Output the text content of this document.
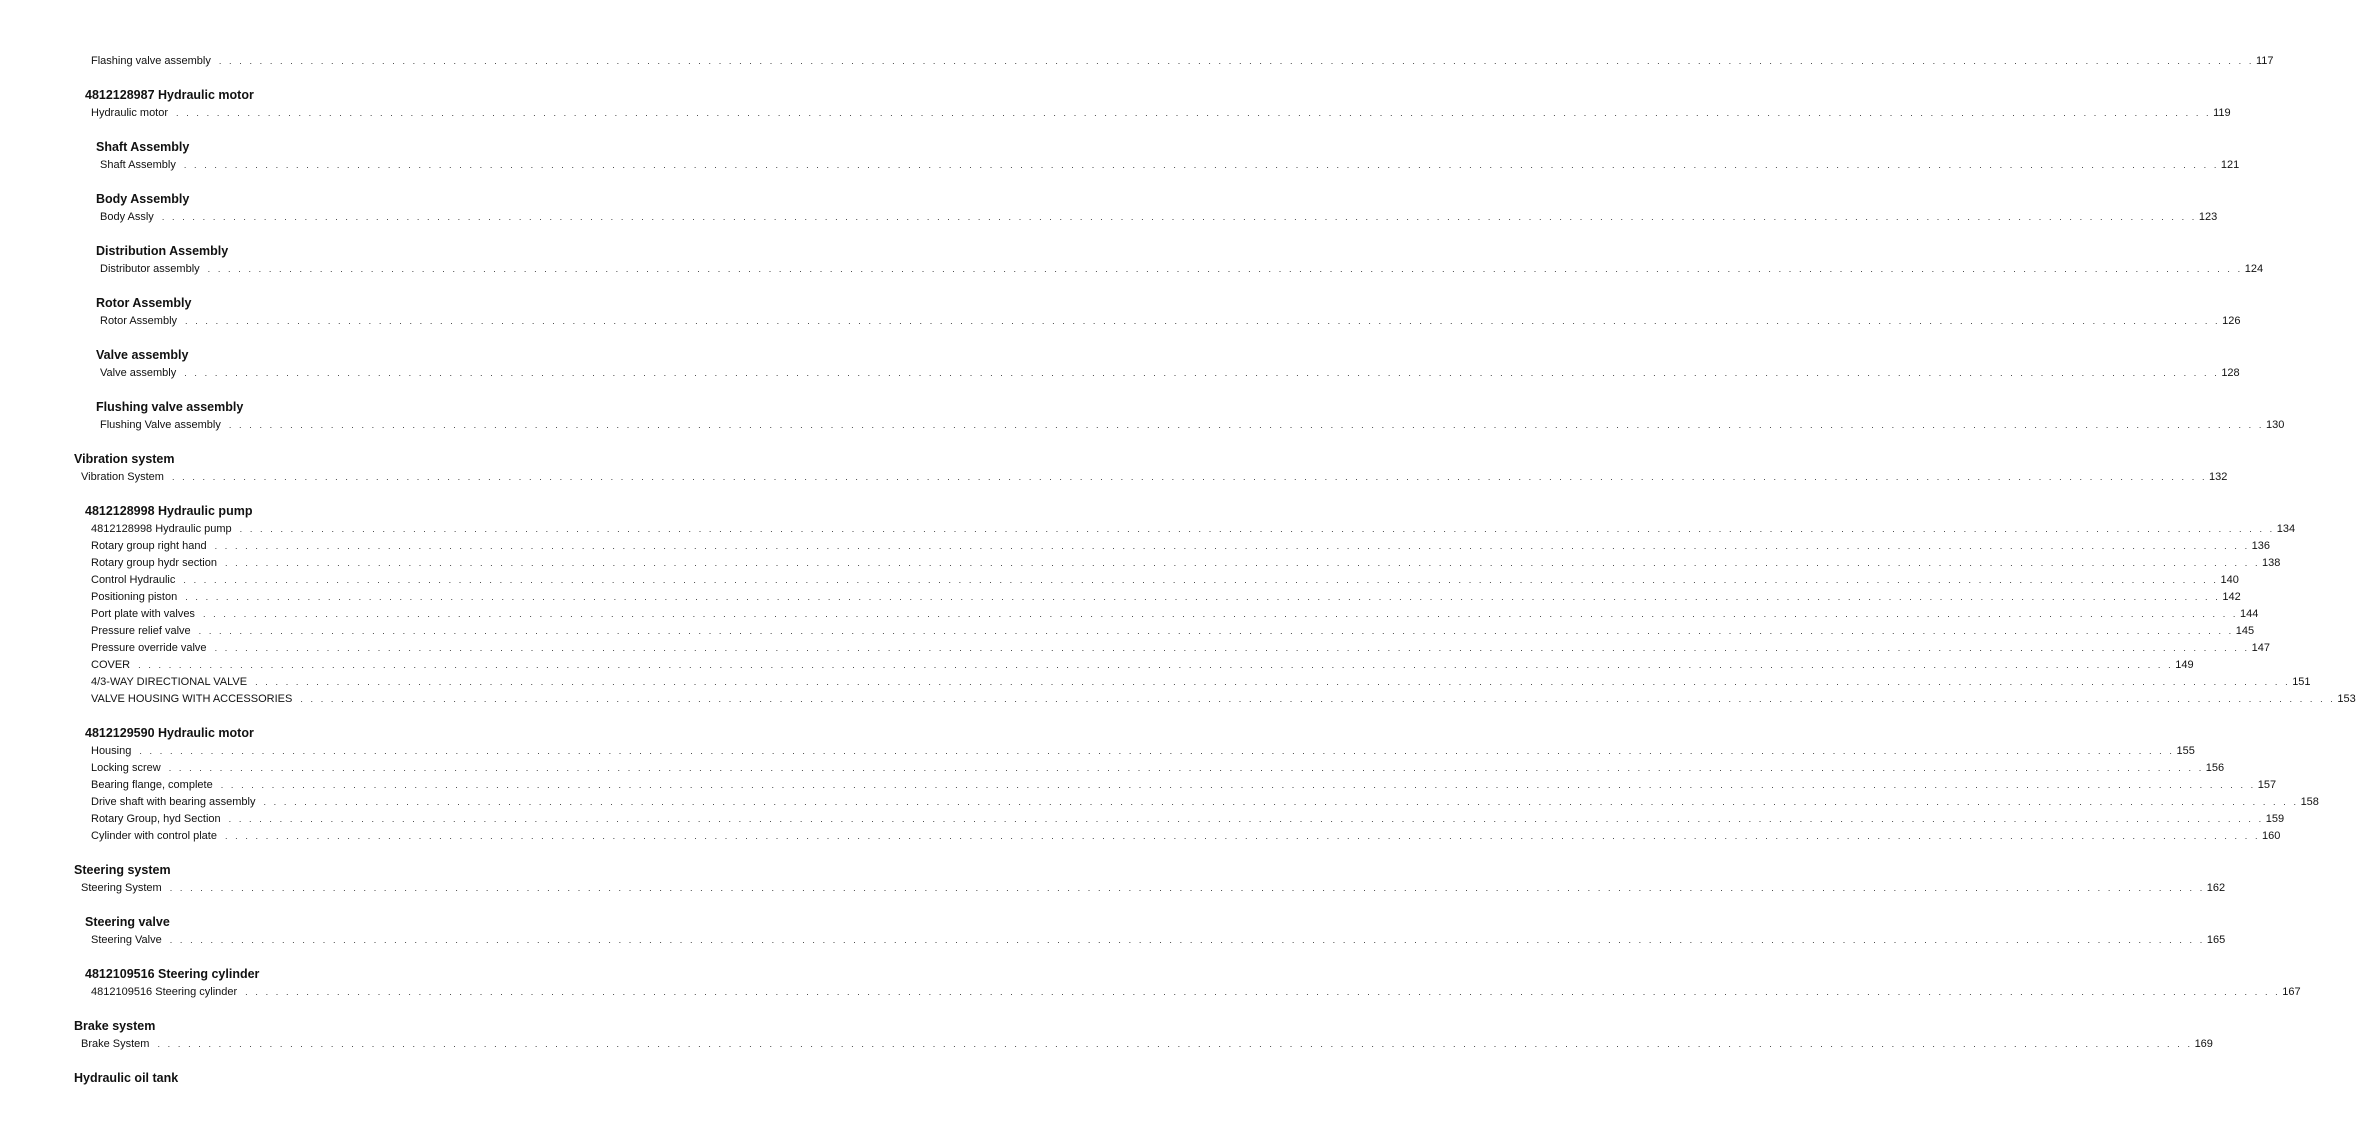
Flashing valve assembly . . . . . . . . . . . . . . . . . . . . . . . . . . . . . . . . . . . . . . . . . . . . . . . . . . . . . . . . . . . . . . . . . . . . . . . . . . . . . . . . . . . . . . . . . . . . . . . . . . . . . . . . . . . . . . . . . . . . . . . . . . . . . . . . . . . . . . . . . . . . . . . . . . . . . . . . . . . . . . . . . . . . . . . . . . . . . . . . . . . . . . . . . . . . . . . . . . . . . . . . 117
4812128987 Hydraulic motor
Hydraulic motor . . . . . . . . . . . . . . . . . . . . . . . . . . . . . . . . . . . . . . . . . . . . . . . . . . . . . . . . . . . . . . . . . . . . . . . . . . . . . . . . . . . . . . . . . . . . . . . . . . . . . . . . . . . . . . . . . . . . . . . . . . . . . . . . . . . . . . . . . . . . . . . . . . . . . . . . . . . . . . . . . . . . . . . . . . . . . . . . . . . . . . . . . . . . . . . . . . . . . . . . 119
Shaft Assembly
Shaft Assembly . . . . . . . . . . . . . . . . . . . . . . . . . . . . . . . . . . . . . . . . . . . . . . . . . . . . . . . . . . . . . . . . . . . . . . . . . . . . . . . . . . . . . . . . . . . . . . . . . . . . . . . . . . . . . . . . . . . . . . . . . . . . . . . . . . . . . . . . . . . . . . . . . . . . . . . . . . . . . . . . . . . . . . . . . . . . . . . . . . . . . . . . . . . . . . . . . . . . . . . . 121
Body Assembly
Body Assly . . . . . . . . . . . . . . . . . . . . . . . . . . . . . . . . . . . . . . . . . . . . . . . . . . . . . . . . . . . . . . . . . . . . . . . . . . . . . . . . . . . . . . . . . . . . . . . . . . . . . . . . . . . . . . . . . . . . . . . . . . . . . . . . . . . . . . . . . . . . . . . . . . . . . . . . . . . . . . . . . . . . . . . . . . . . . . . . . . . . . . . . . . . . . . . . . . . . . . . . 123
Distribution Assembly
Distributor assembly . . . . . . . . . . . . . . . . . . . . . . . . . . . . . . . . . . . . . . . . . . . . . . . . . . . . . . . . . . . . . . . . . . . . . . . . . . . . . . . . . . . . . . . . . . . . . . . . . . . . . . . . . . . . . . . . . . . . . . . . . . . . . . . . . . . . . . . . . . . . . . . . . . . . . . . . . . . . . . . . . . . . . . . . . . . . . . . . . . . . . . . . . . . . . . . . . . . . . . . . 124
Rotor Assembly
Rotor Assembly . . . . . . . . . . . . . . . . . . . . . . . . . . . . . . . . . . . . . . . . . . . . . . . . . . . . . . . . . . . . . . . . . . . . . . . . . . . . . . . . . . . . . . . . . . . . . . . . . . . . . . . . . . . . . . . . . . . . . . . . . . . . . . . . . . . . . . . . . . . . . . . . . . . . . . . . . . . . . . . . . . . . . . . . . . . . . . . . . . . . . . . . . . . . . . . . . . . . . . . . 126
Valve assembly
Valve assembly . . . . . . . . . . . . . . . . . . . . . . . . . . . . . . . . . . . . . . . . . . . . . . . . . . . . . . . . . . . . . . . . . . . . . . . . . . . . . . . . . . . . . . . . . . . . . . . . . . . . . . . . . . . . . . . . . . . . . . . . . . . . . . . . . . . . . . . . . . . . . . . . . . . . . . . . . . . . . . . . . . . . . . . . . . . . . . . . . . . . . . . . . . . . . . . . . . . . . . . . 128
Flushing valve assembly
Flushing Valve assembly . . . . . . . . . . . . . . . . . . . . . . . . . . . . . . . . . . . . . . . . . . . . . . . . . . . . . . . . . . . . . . . . . . . . . . . . . . . . . . . . . . . . . . . . . . . . . . . . . . . . . . . . . . . . . . . . . . . . . . . . . . . . . . . . . . . . . . . . . . . . . . . . . . . . . . . . . . . . . . . . . . . . . . . . . . . . . . . . . . . . . . . . . . . . . . . . . . . . . . . . 130
Vibration system
Vibration System . . . . . . . . . . . . . . . . . . . . . . . . . . . . . . . . . . . . . . . . . . . . . . . . . . . . . . . . . . . . . . . . . . . . . . . . . . . . . . . . . . . . . . . . . . . . . . . . . . . . . . . . . . . . . . . . . . . . . . . . . . . . . . . . . . . . . . . . . . . . . . . . . . . . . . . . . . . . . . . . . . . . . . . . . . . . . . . . . . . . . . . . . . . . . . . . . . . . . . . . 132
4812128998 Hydraulic pump
4812128998 Hydraulic pump . . . . . . . . . . . . . . . . . . . . . . . . . . . . . . . . . . . . . . . . . . . . . . . . . . . . . . . . . . . . . . . . . . . . . . . . . . . . . . . . . . . . . . . . . . . . . . . . . . . . . . . . . . . . . . . . . . . . . . . . . . . . . . . . . . . . . . . . . . . . . . . . . . . . . . . . . . . . . . . . . . . . . . . . . . . . . . . . . . . . . . . . . . . . . . . . . . . . . . . . 134
Rotary group right hand . . . . . . . . . . . . . . . . . . . . . . . . . . . . . . . . . . . . . . . . . . . . . . . . . . . . . . . . . . . . . . . . . . . . . . . . . . . . . . . . . . . . . . . . . . . . . . . . . . . . . . . . . . . . . . . . . . . . . . . . . . . . . . . . . . . . . . . . . . . . . . . . . . . . . . . . . . . . . . . . . . . . . . . . . . . . . . . . . . . . . . . . . . . . . . . . . . . . . . . . 136
Rotary group hydr section . . . . . . . . . . . . . . . . . . . . . . . . . . . . . . . . . . . . . . . . . . . . . . . . . . . . . . . . . . . . . . . . . . . . . . . . . . . . . . . . . . . . . . . . . . . . . . . . . . . . . . . . . . . . . . . . . . . . . . . . . . . . . . . . . . . . . . . . . . . . . . . . . . . . . . . . . . . . . . . . . . . . . . . . . . . . . . . . . . . . . . . . . . . . . . . . . . . . . . . . 138
Control Hydraulic . . . . . . . . . . . . . . . . . . . . . . . . . . . . . . . . . . . . . . . . . . . . . . . . . . . . . . . . . . . . . . . . . . . . . . . . . . . . . . . . . . . . . . . . . . . . . . . . . . . . . . . . . . . . . . . . . . . . . . . . . . . . . . . . . . . . . . . . . . . . . . . . . . . . . . . . . . . . . . . . . . . . . . . . . . . . . . . . . . . . . . . . . . . . . . . . . . . . . . . . 140
Positioning piston . . . . . . . . . . . . . . . . . . . . . . . . . . . . . . . . . . . . . . . . . . . . . . . . . . . . . . . . . . . . . . . . . . . . . . . . . . . . . . . . . . . . . . . . . . . . . . . . . . . . . . . . . . . . . . . . . . . . . . . . . . . . . . . . . . . . . . . . . . . . . . . . . . . . . . . . . . . . . . . . . . . . . . . . . . . . . . . . . . . . . . . . . . . . . . . . . . . . . . . . 142
Port plate with valves . . . . . . . . . . . . . . . . . . . . . . . . . . . . . . . . . . . . . . . . . . . . . . . . . . . . . . . . . . . . . . . . . . . . . . . . . . . . . . . . . . . . . . . . . . . . . . . . . . . . . . . . . . . . . . . . . . . . . . . . . . . . . . . . . . . . . . . . . . . . . . . . . . . . . . . . . . . . . . . . . . . . . . . . . . . . . . . . . . . . . . . . . . . . . . . . . . . . . . . . 144
Pressure relief valve . . . . . . . . . . . . . . . . . . . . . . . . . . . . . . . . . . . . . . . . . . . . . . . . . . . . . . . . . . . . . . . . . . . . . . . . . . . . . . . . . . . . . . . . . . . . . . . . . . . . . . . . . . . . . . . . . . . . . . . . . . . . . . . . . . . . . . . . . . . . . . . . . . . . . . . . . . . . . . . . . . . . . . . . . . . . . . . . . . . . . . . . . . . . . . . . . . . . . . . . 145
Pressure override valve . . . . . . . . . . . . . . . . . . . . . . . . . . . . . . . . . . . . . . . . . . . . . . . . . . . . . . . . . . . . . . . . . . . . . . . . . . . . . . . . . . . . . . . . . . . . . . . . . . . . . . . . . . . . . . . . . . . . . . . . . . . . . . . . . . . . . . . . . . . . . . . . . . . . . . . . . . . . . . . . . . . . . . . . . . . . . . . . . . . . . . . . . . . . . . . . . . . . . . . . 147
COVER . . . . . . . . . . . . . . . . . . . . . . . . . . . . . . . . . . . . . . . . . . . . . . . . . . . . . . . . . . . . . . . . . . . . . . . . . . . . . . . . . . . . . . . . . . . . . . . . . . . . . . . . . . . . . . . . . . . . . . . . . . . . . . . . . . . . . . . . . . . . . . . . . . . . . . . . . . . . . . . . . . . . . . . . . . . . . . . . . . . . . . . . . . . . . . . . . . . . . . . . 149
4/3-WAY DIRECTIONAL VALVE . . . . . . . . . . . . . . . . . . . . . . . . . . . . . . . . . . . . . . . . . . . . . . . . . . . . . . . . . . . . . . . . . . . . . . . . . . . . . . . . . . . . . . . . . . . . . . . . . . . . . . . . . . . . . . . . . . . . . . . . . . . . . . . . . . . . . . . . . . . . . . . . . . . . . . . . . . . . . . . . . . . . . . . . . . . . . . . . . . . . . . . . . . . . . . . . . . . . . . . . 151
VALVE HOUSING WITH ACCESSORIES . . . . . . . . . . . . . . . . . . . . . . . . . . . . . . . . . . . . . . . . . . . . . . . . . . . . . . . . . . . . . . . . . . . . . . . . . . . . . . . . . . . . . . . . . . . . . . . . . . . . . . . . . . . . . . . . . . . . . . . . . . . . . . . . . . . . . . . . . . . . . . . . . . . . . . . . . . . . . . . . . . . . . . . . . . . . . . . . . . . . . . . . . . . . . . . . . . . . . . . . 153
4812129590 Hydraulic motor
Housing . . . . . . . . . . . . . . . . . . . . . . . . . . . . . . . . . . . . . . . . . . . . . . . . . . . . . . . . . . . . . . . . . . . . . . . . . . . . . . . . . . . . . . . . . . . . . . . . . . . . . . . . . . . . . . . . . . . . . . . . . . . . . . . . . . . . . . . . . . . . . . . . . . . . . . . . . . . . . . . . . . . . . . . . . . . . . . . . . . . . . . . . . . . . . . . . . . . . . . . . 155
Locking screw . . . . . . . . . . . . . . . . . . . . . . . . . . . . . . . . . . . . . . . . . . . . . . . . . . . . . . . . . . . . . . . . . . . . . . . . . . . . . . . . . . . . . . . . . . . . . . . . . . . . . . . . . . . . . . . . . . . . . . . . . . . . . . . . . . . . . . . . . . . . . . . . . . . . . . . . . . . . . . . . . . . . . . . . . . . . . . . . . . . . . . . . . . . . . . . . . . . . . . . . 156
Bearing flange, complete . . . . . . . . . . . . . . . . . . . . . . . . . . . . . . . . . . . . . . . . . . . . . . . . . . . . . . . . . . . . . . . . . . . . . . . . . . . . . . . . . . . . . . . . . . . . . . . . . . . . . . . . . . . . . . . . . . . . . . . . . . . . . . . . . . . . . . . . . . . . . . . . . . . . . . . . . . . . . . . . . . . . . . . . . . . . . . . . . . . . . . . . . . . . . . . . . . . . . . . . 157
Drive shaft with bearing assembly . . . . . . . . . . . . . . . . . . . . . . . . . . . . . . . . . . . . . . . . . . . . . . . . . . . . . . . . . . . . . . . . . . . . . . . . . . . . . . . . . . . . . . . . . . . . . . . . . . . . . . . . . . . . . . . . . . . . . . . . . . . . . . . . . . . . . . . . . . . . . . . . . . . . . . . . . . . . . . . . . . . . . . . . . . . . . . . . . . . . . . . . . . . . . . . . . . . . . . . . 158
Rotary Group, hyd Section . . . . . . . . . . . . . . . . . . . . . . . . . . . . . . . . . . . . . . . . . . . . . . . . . . . . . . . . . . . . . . . . . . . . . . . . . . . . . . . . . . . . . . . . . . . . . . . . . . . . . . . . . . . . . . . . . . . . . . . . . . . . . . . . . . . . . . . . . . . . . . . . . . . . . . . . . . . . . . . . . . . . . . . . . . . . . . . . . . . . . . . . . . . . . . . . . . . . . . . . 159
Cylinder with control plate . . . . . . . . . . . . . . . . . . . . . . . . . . . . . . . . . . . . . . . . . . . . . . . . . . . . . . . . . . . . . . . . . . . . . . . . . . . . . . . . . . . . . . . . . . . . . . . . . . . . . . . . . . . . . . . . . . . . . . . . . . . . . . . . . . . . . . . . . . . . . . . . . . . . . . . . . . . . . . . . . . . . . . . . . . . . . . . . . . . . . . . . . . . . . . . . . . . . . . . . 160
Steering system
Steering System . . . . . . . . . . . . . . . . . . . . . . . . . . . . . . . . . . . . . . . . . . . . . . . . . . . . . . . . . . . . . . . . . . . . . . . . . . . . . . . . . . . . . . . . . . . . . . . . . . . . . . . . . . . . . . . . . . . . . . . . . . . . . . . . . . . . . . . . . . . . . . . . . . . . . . . . . . . . . . . . . . . . . . . . . . . . . . . . . . . . . . . . . . . . . . . . . . . . . . . . 162
Steering valve
Steering Valve . . . . . . . . . . . . . . . . . . . . . . . . . . . . . . . . . . . . . . . . . . . . . . . . . . . . . . . . . . . . . . . . . . . . . . . . . . . . . . . . . . . . . . . . . . . . . . . . . . . . . . . . . . . . . . . . . . . . . . . . . . . . . . . . . . . . . . . . . . . . . . . . . . . . . . . . . . . . . . . . . . . . . . . . . . . . . . . . . . . . . . . . . . . . . . . . . . . . . . . . 165
4812109516 Steering cylinder
4812109516 Steering cylinder . . . . . . . . . . . . . . . . . . . . . . . . . . . . . . . . . . . . . . . . . . . . . . . . . . . . . . . . . . . . . . . . . . . . . . . . . . . . . . . . . . . . . . . . . . . . . . . . . . . . . . . . . . . . . . . . . . . . . . . . . . . . . . . . . . . . . . . . . . . . . . . . . . . . . . . . . . . . . . . . . . . . . . . . . . . . . . . . . . . . . . . . . . . . . . . . . . . . . . . . 167
Brake system
Brake System . . . . . . . . . . . . . . . . . . . . . . . . . . . . . . . . . . . . . . . . . . . . . . . . . . . . . . . . . . . . . . . . . . . . . . . . . . . . . . . . . . . . . . . . . . . . . . . . . . . . . . . . . . . . . . . . . . . . . . . . . . . . . . . . . . . . . . . . . . . . . . . . . . . . . . . . . . . . . . . . . . . . . . . . . . . . . . . . . . . . . . . . . . . . . . . . . . . . . . . . 169
Hydraulic oil tank
